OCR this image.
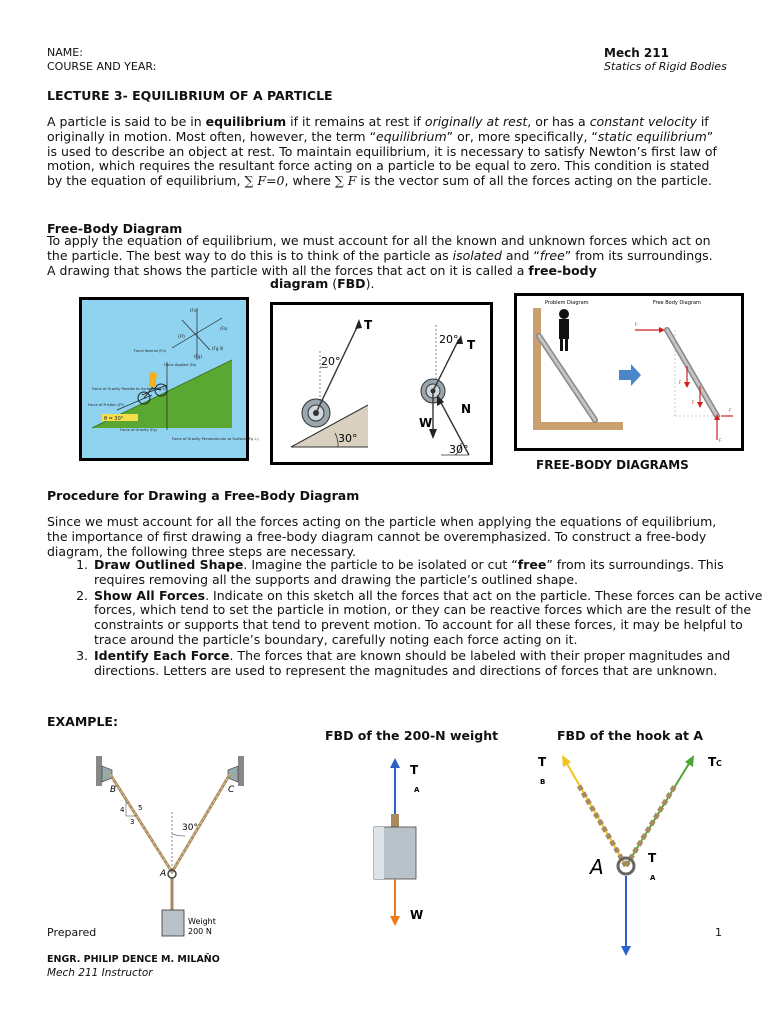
NAME:
COURSE AND YEAR:
Mech 211
Statics of Rigid Bodies
LECTURE 3- EQUILIBRIUM OF A PARTICLE
A particle is said to be in equilibrium if it remains at rest if originally at rest, or has a constant velocity if originally in motion. Most often, however, the term “equilibrium” or, more specifically, “static equilibrium” is used to describe an object at rest. To maintain equilibrium, it is necessary to satisfy Newton’s first law of motion, which requires the resultant force acting on a particle to be equal to zero. This condition is stated by the equation of equilibrium, ∑ F=0, where ∑ F is the vector sum of all the forces acting on the particle.
Free-Body Diagram
To apply the equation of equilibrium, we must account for all the known and unknown forces which act on the particle. The best way to do this is to think of the particle as isolated and “free” from its surroundings. A drawing that shows the particle with all the forces that act on it is called a free-body
diagram (FBD).
θ = 30°
(Fn)
(Fa)
(Ff)
(Fg)
(Fg ll)
Force Normal (Fn)
Force Applied (Fa)
Force of Gravity Parallel to Surface (Fg ll)
Force of Friction (Ff)
Force of Gravity (Fg)
Force of Gravity Perpendicular to Surface (Fg ⊥)	30°
20°
T
20° T
W
N
30°
Problem Diagram	Free Body Diagram
F
F
F
F
F
FREE-BODY DIAGRAMS
Procedure for Drawing a Free-Body Diagram
Since we must account for all the forces acting on the particle when applying the equations of equilibrium, the importance of first drawing a free-body diagram cannot be overemphasized. To construct a free-body diagram, the following three steps are necessary.
1. Draw Outlined Shape. Imagine the particle to be isolated or cut “free” from its surroundings. This requires removing all the supports and drawing the particle’s outlined shape.
2. Show All Forces. Indicate on this sketch all the forces that act on the particle. These forces can be active forces, which tend to set the particle in motion, or they can be reactive forces which are the result of the constraints or supports that tend to prevent motion. To account for all these forces, it may be helpful to trace around the particle’s boundary, carefully noting each force acting on it.
3. Identify Each Force. The forces that are known should be labeled with their proper magnitudes and directions. Letters are used to represent the magnitudes and directions of forces that are unknown.
EXAMPLE:
FBD of the 200-N weight	FBD of the hook at A
30°
B	C
A
4
3
5
Weight
200 N
T
A
W
T
B
T C
T
A
A
Prepared	1
ENGR. PHILIP DENCE M. MILAÑO
Mech 211 Instructor
